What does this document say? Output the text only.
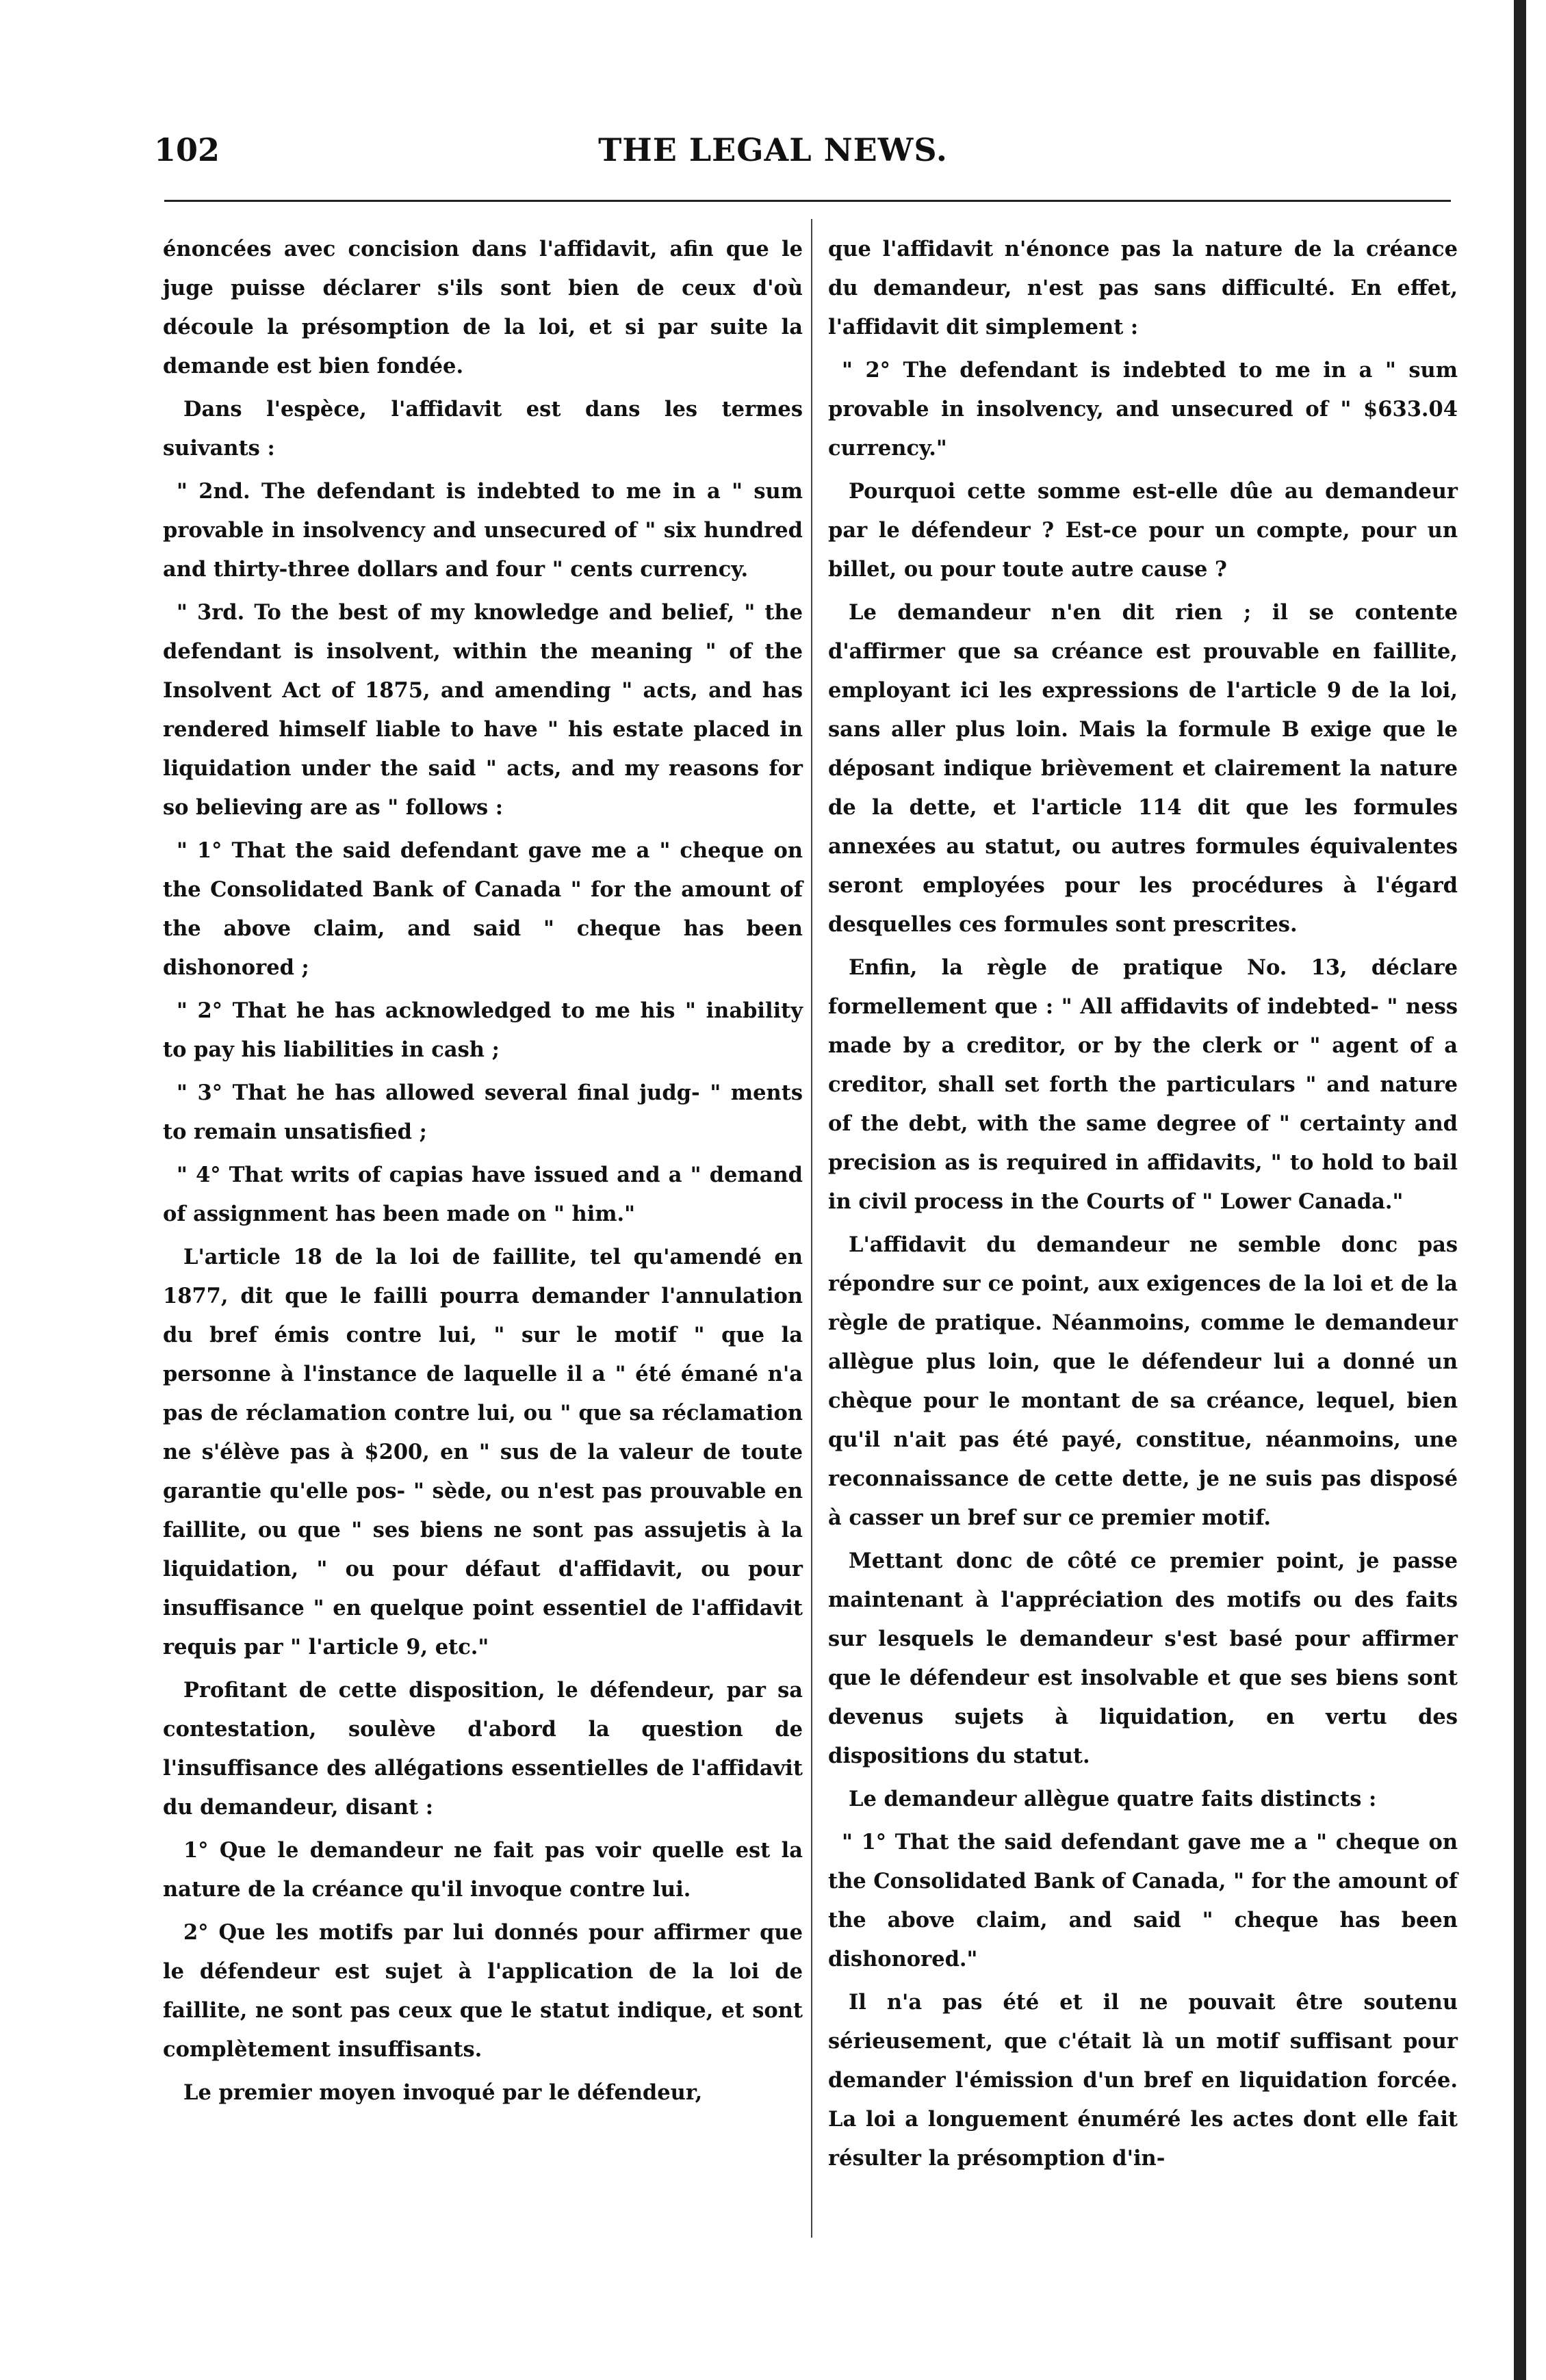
102	THE LEGAL NEWS.

énoncées avec concision dans l'affidavit, afin que le juge puisse déclarer s'ils sont bien de ceux d'où découle la présomption de la loi, et si par suite la demande est bien fondée.

Dans l'espèce, l'affidavit est dans les termes suivants :

" 2nd. The defendant is indebted to me in a " sum provable in insolvency and unsecured of " six hundred and thirty-three dollars and four " cents currency.

" 3rd. To the best of my knowledge and belief, " the defendant is insolvent, within the meaning " of the Insolvent Act of 1875, and amending " acts, and has rendered himself liable to have " his estate placed in liquidation under the said " acts, and my reasons for so believing are as " follows :

" 1° That the said defendant gave me a " cheque on the Consolidated Bank of Canada " for the amount of the above claim, and said " cheque has been dishonored ;

" 2° That he has acknowledged to me his " inability to pay his liabilities in cash ;

" 3° That he has allowed several final judg- " ments to remain unsatisfied ;

" 4° That writs of capias have issued and a " demand of assignment has been made on " him."

L'article 18 de la loi de faillite, tel qu'amendé en 1877, dit que le failli pourra demander l'annulation du bref émis contre lui, " sur le motif " que la personne à l'instance de laquelle il a " été émané n'a pas de réclamation contre lui, ou " que sa réclamation ne s'élève pas à $200, en " sus de la valeur de toute garantie qu'elle pos- " sède, ou n'est pas prouvable en faillite, ou que " ses biens ne sont pas assujetis à la liquidation, " ou pour défaut d'affidavit, ou pour insuffisance " en quelque point essentiel de l'affidavit requis par " l'article 9, etc."

Profitant de cette disposition, le défendeur, par sa contestation, soulève d'abord la question de l'insuffisance des allégations essentielles de l'affidavit du demandeur, disant :

1° Que le demandeur ne fait pas voir quelle est la nature de la créance qu'il invoque contre lui.

2° Que les motifs par lui donnés pour affirmer que le défendeur est sujet à l'application de la loi de faillite, ne sont pas ceux que le statut indique, et sont complètement insuffisants.

Le premier moyen invoqué par le défendeur,

que l'affidavit n'énonce pas la nature de la créance du demandeur, n'est pas sans difficulté. En effet, l'affidavit dit simplement :

" 2° The defendant is indebted to me in a " sum provable in insolvency, and unsecured of " $633.04 currency."

Pourquoi cette somme est-elle dûe au demandeur par le défendeur ? Est-ce pour un compte, pour un billet, ou pour toute autre cause ?

Le demandeur n'en dit rien ; il se contente d'affirmer que sa créance est prouvable en faillite, employant ici les expressions de l'article 9 de la loi, sans aller plus loin. Mais la formule B exige que le déposant indique brièvement et clairement la nature de la dette, et l'article 114 dit que les formules annexées au statut, ou autres formules équivalentes seront employées pour les procédures à l'égard desquelles ces formules sont prescrites.

Enfin, la règle de pratique No. 13, déclare formellement que : " All affidavits of indebted- " ness made by a creditor, or by the clerk or " agent of a creditor, shall set forth the particulars " and nature of the debt, with the same degree of " certainty and precision as is required in affidavits, " to hold to bail in civil process in the Courts of " Lower Canada."

L'affidavit du demandeur ne semble donc pas répondre sur ce point, aux exigences de la loi et de la règle de pratique. Néanmoins, comme le demandeur allègue plus loin, que le défendeur lui a donné un chèque pour le montant de sa créance, lequel, bien qu'il n'ait pas été payé, constitue, néanmoins, une reconnaissance de cette dette, je ne suis pas disposé à casser un bref sur ce premier motif.

Mettant donc de côté ce premier point, je passe maintenant à l'appréciation des motifs ou des faits sur lesquels le demandeur s'est basé pour affirmer que le défendeur est insolvable et que ses biens sont devenus sujets à liquidation, en vertu des dispositions du statut.

Le demandeur allègue quatre faits distincts :

" 1° That the said defendant gave me a " cheque on the Consolidated Bank of Canada, " for the amount of the above claim, and said " cheque has been dishonored."

Il n'a pas été et il ne pouvait être soutenu sérieusement, que c'était là un motif suffisant pour demander l'émission d'un bref en liquidation forcée. La loi a longuement énuméré les actes dont elle fait résulter la présomption d'in-
